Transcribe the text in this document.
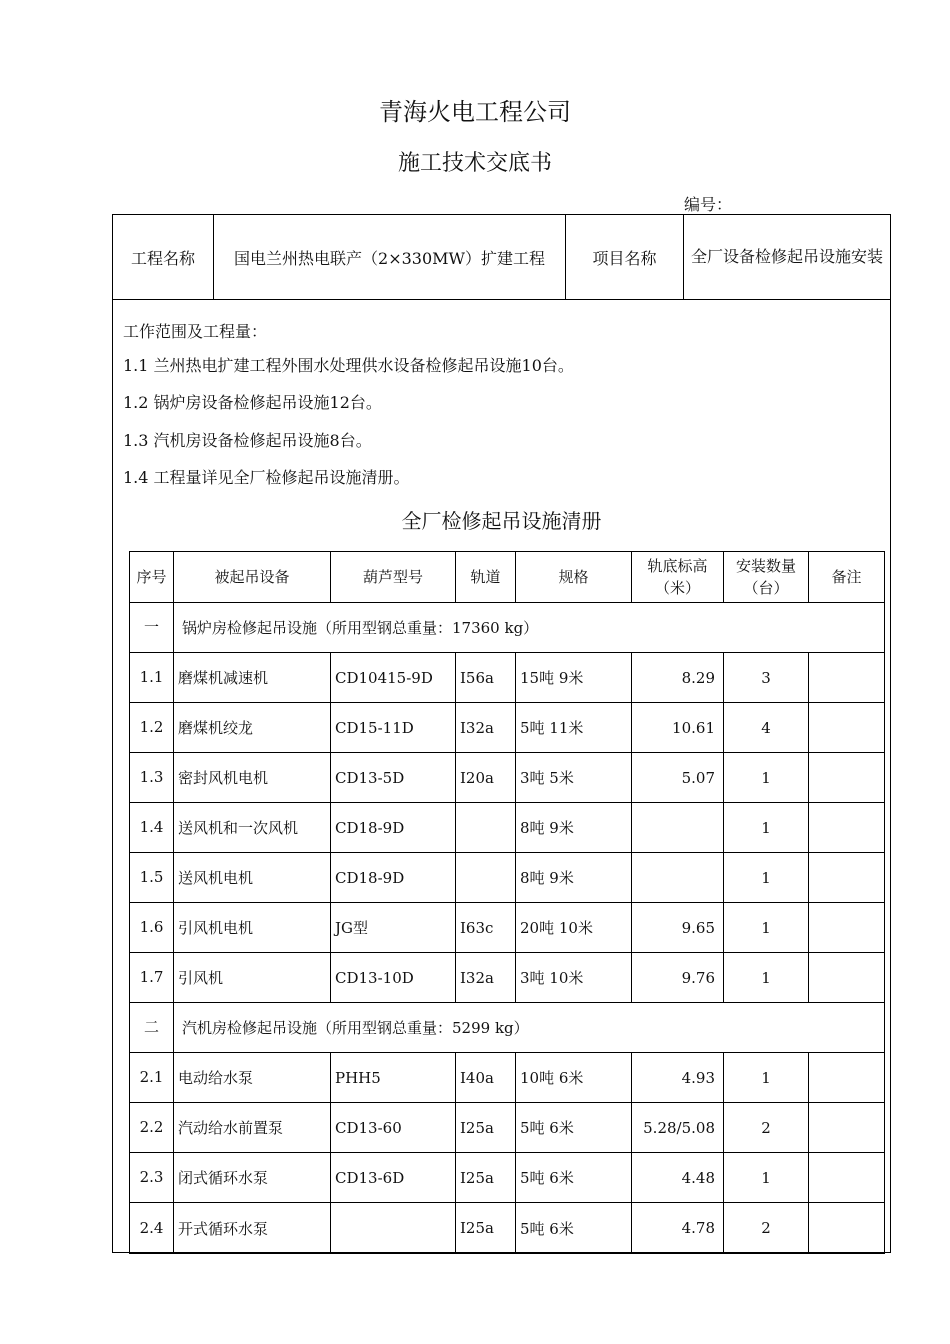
青海火电工程公司
施工技术交底书
编号：
工程名称	国电兰州热电联产（2×330MW）扩建工程	项目名称	全厂设备检修起吊设施安装
工作范围及工程量：
1.1 兰州热电扩建工程外围水处理供水设备检修起吊设施10台。
1.2 锅炉房设备检修起吊设施12台。
1.3 汽机房设备检修起吊设施8台。
1.4 工程量详见全厂检修起吊设施清册。
全厂检修起吊设施清册
序号	被起吊设备	葫芦型号	轨道	规格	轨底标高（米）	安装数量（台）	备注
一	锅炉房检修起吊设施（所用型钢总重量：17360 kg）						
1.1	磨煤机减速机	CD10415-9D	Ⅰ56a	15吨 9米	8.29	3	
1.2	磨煤机绞龙	CD15-11D	Ⅰ32a	5吨 11米	10.61	4	
1.3	密封风机电机	CD13-5D	Ⅰ20a	3吨 5米	5.07	1	
1.4	送风机和一次风机	CD18-9D		8吨 9米		1	
1.5	送风机电机	CD18-9D		8吨 9米		1	
1.6	引风机电机	JG型	Ⅰ63c	20吨 10米	9.65	1	
1.7	引风机	CD13-10D	Ⅰ32a	3吨 10米	9.76	1	
二	汽机房检修起吊设施（所用型钢总重量：5299 kg）						
2.1	电动给水泵	PHH5	Ⅰ40a	10吨 6米	4.93	1	
2.2	汽动给水前置泵	CD13-60	Ⅰ25a	5吨 6米	5.28/5.08	2	
2.3	闭式循环水泵	CD13-6D	Ⅰ25a	5吨 6米	4.48	1	
2.4	开式循环水泵		Ⅰ25a	5吨 6米	4.78	2	
